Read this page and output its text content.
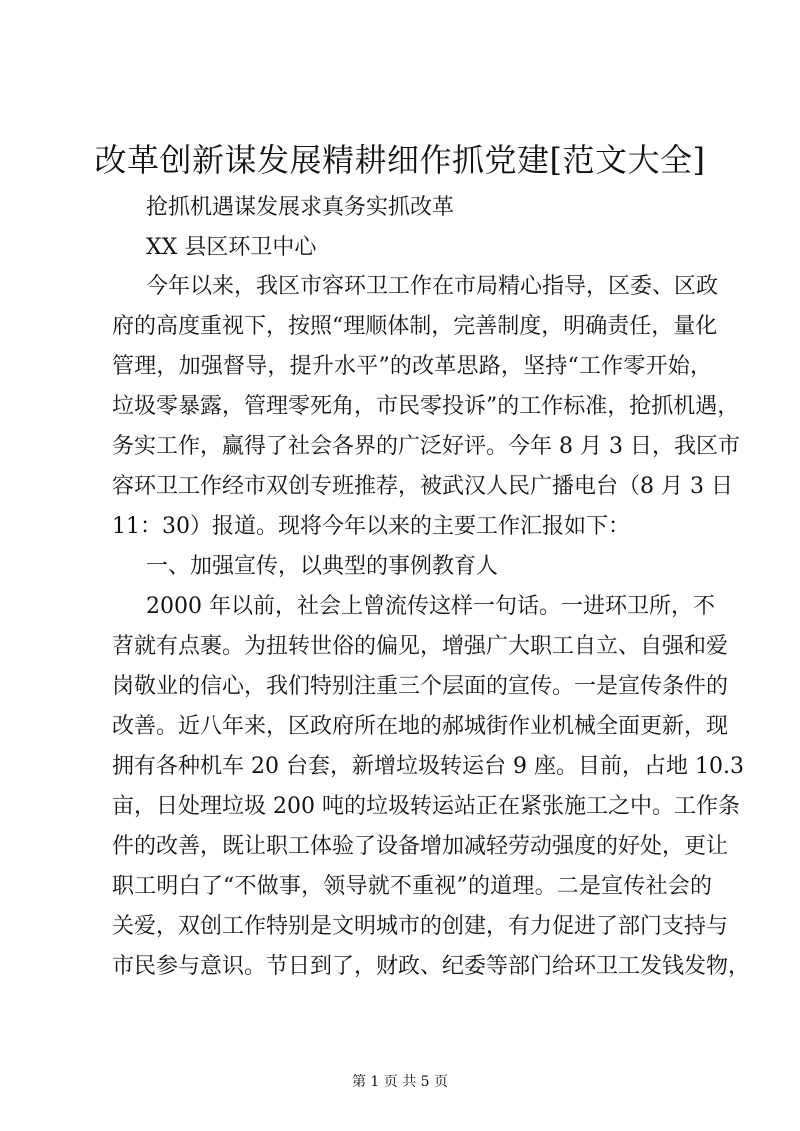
改革创新谋发展精耕细作抓党建[范文大全]

抢抓机遇谋发展求真务实抓改革

XX 县区环卫中心

今年以来，我区市容环卫工作在市局精心指导，区委、区政

府的高度重视下，按照“理顺体制，完善制度，明确责任，量化

管理，加强督导，提升水平”的改革思路，坚持“工作零开始，

垃圾零暴露，管理零死角，市民零投诉”的工作标准，抢抓机遇，

务实工作，赢得了社会各界的广泛好评。今年 8 月 3 日，我区市

容环卫工作经市双创专班推荐，被武汉人民广播电台（8 月 3 日

11：30）报道。现将今年以来的主要工作汇报如下：

一、加强宣传，以典型的事例教育人

2000 年以前，社会上曾流传这样一句话。一进环卫所，不

苕就有点裹。为扭转世俗的偏见，增强广大职工自立、自强和爱

岗敬业的信心，我们特别注重三个层面的宣传。一是宣传条件的

改善。近八年来，区政府所在地的郝城街作业机械全面更新，现

拥有各种机车 20 台套，新增垃圾转运台 9 座。目前，占地 10.3

亩，日处理垃圾 200 吨的垃圾转运站正在紧张施工之中。工作条

件的改善，既让职工体验了设备增加减轻劳动强度的好处，更让

职工明白了“不做事，领导就不重视”的道理。二是宣传社会的

关爱，双创工作特别是文明城市的创建，有力促进了部门支持与

市民参与意识。节日到了，财政、纪委等部门给环卫工发钱发物，

第 1 页 共 5 页
